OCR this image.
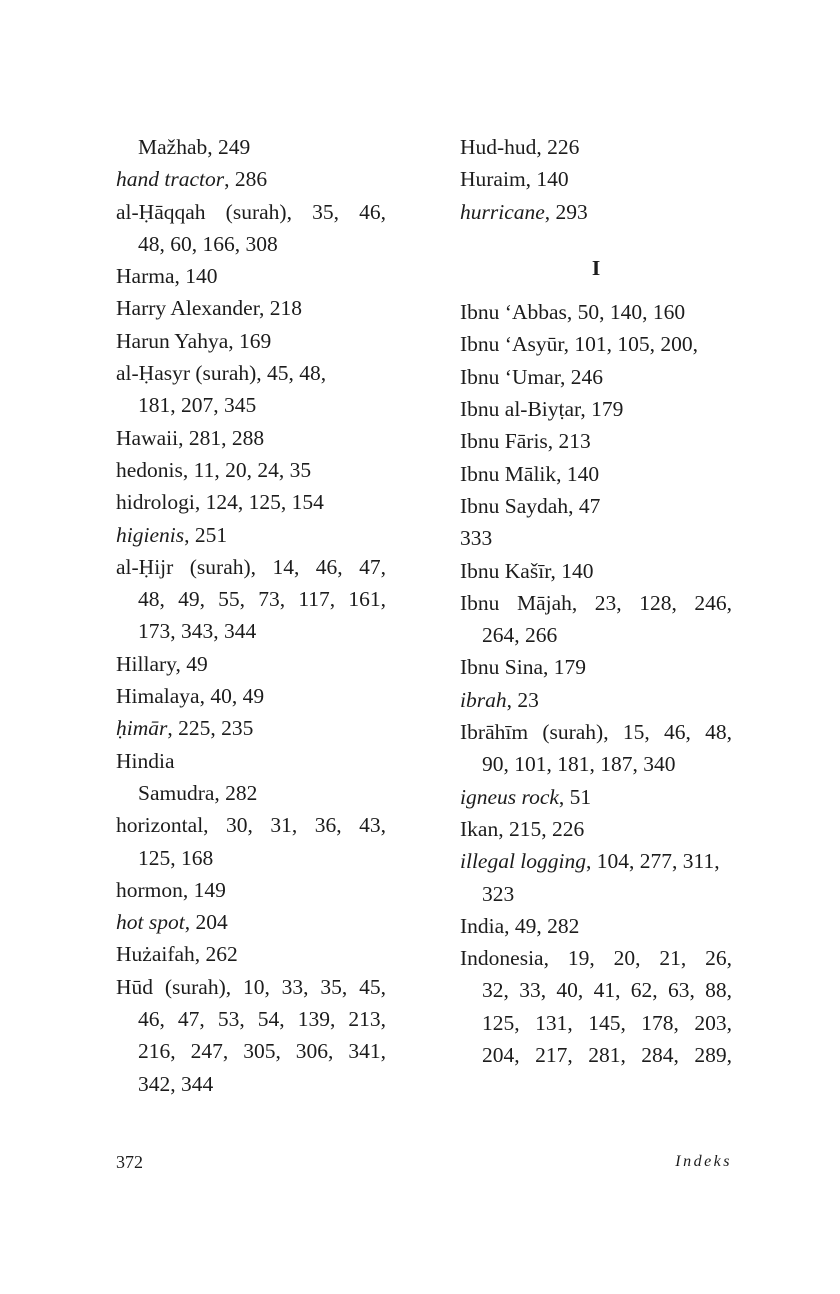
Mažhab, 249
hand tractor, 286
al-Ḥāqqah (surah), 35, 46,
48, 60, 166, 308
Harma, 140
Harry Alexander, 218
Harun Yahya, 169
al-Ḥasyr (surah), 45, 48,
181, 207, 345
Hawaii, 281, 288
hedonis, 11, 20, 24, 35
hidrologi, 124, 125, 154
higienis, 251
al-Ḥijr (surah), 14, 46, 47,
48, 49, 55, 73, 117, 161,
173, 343, 344
Hillary, 49
Himalaya, 40, 49
ḥimār, 225, 235
Hindia
Samudra, 282
horizontal, 30, 31, 36, 43,
125, 168
hormon, 149
hot spot, 204
Hużaifah, 262
Hūd (surah), 10, 33, 35, 45,
46, 47, 53, 54, 139, 213,
216, 247, 305, 306, 341,
342, 344
Hud-hud, 226
Huraim, 140
hurricane, 293
I
Ibnu ‘Abbas, 50, 140, 160
Ibnu ‘Asyūr, 101, 105, 200,
Ibnu ‘Umar, 246
Ibnu al-Biyṭar, 179
Ibnu Fāris, 213
Ibnu Mālik, 140
Ibnu Saydah, 47
333
Ibnu Kašīr, 140
Ibnu Mājah, 23, 128, 246,
264, 266
Ibnu Sina, 179
ibrah, 23
Ibrāhīm (surah), 15, 46, 48,
90, 101, 181, 187, 340
igneus rock, 51
Ikan, 215, 226
illegal logging, 104, 277, 311,
323
India, 49, 282
Indonesia, 19, 20, 21, 26,
32, 33, 40, 41, 62, 63, 88,
125, 131, 145, 178, 203,
204, 217, 281, 284, 289,
372	Indeks
